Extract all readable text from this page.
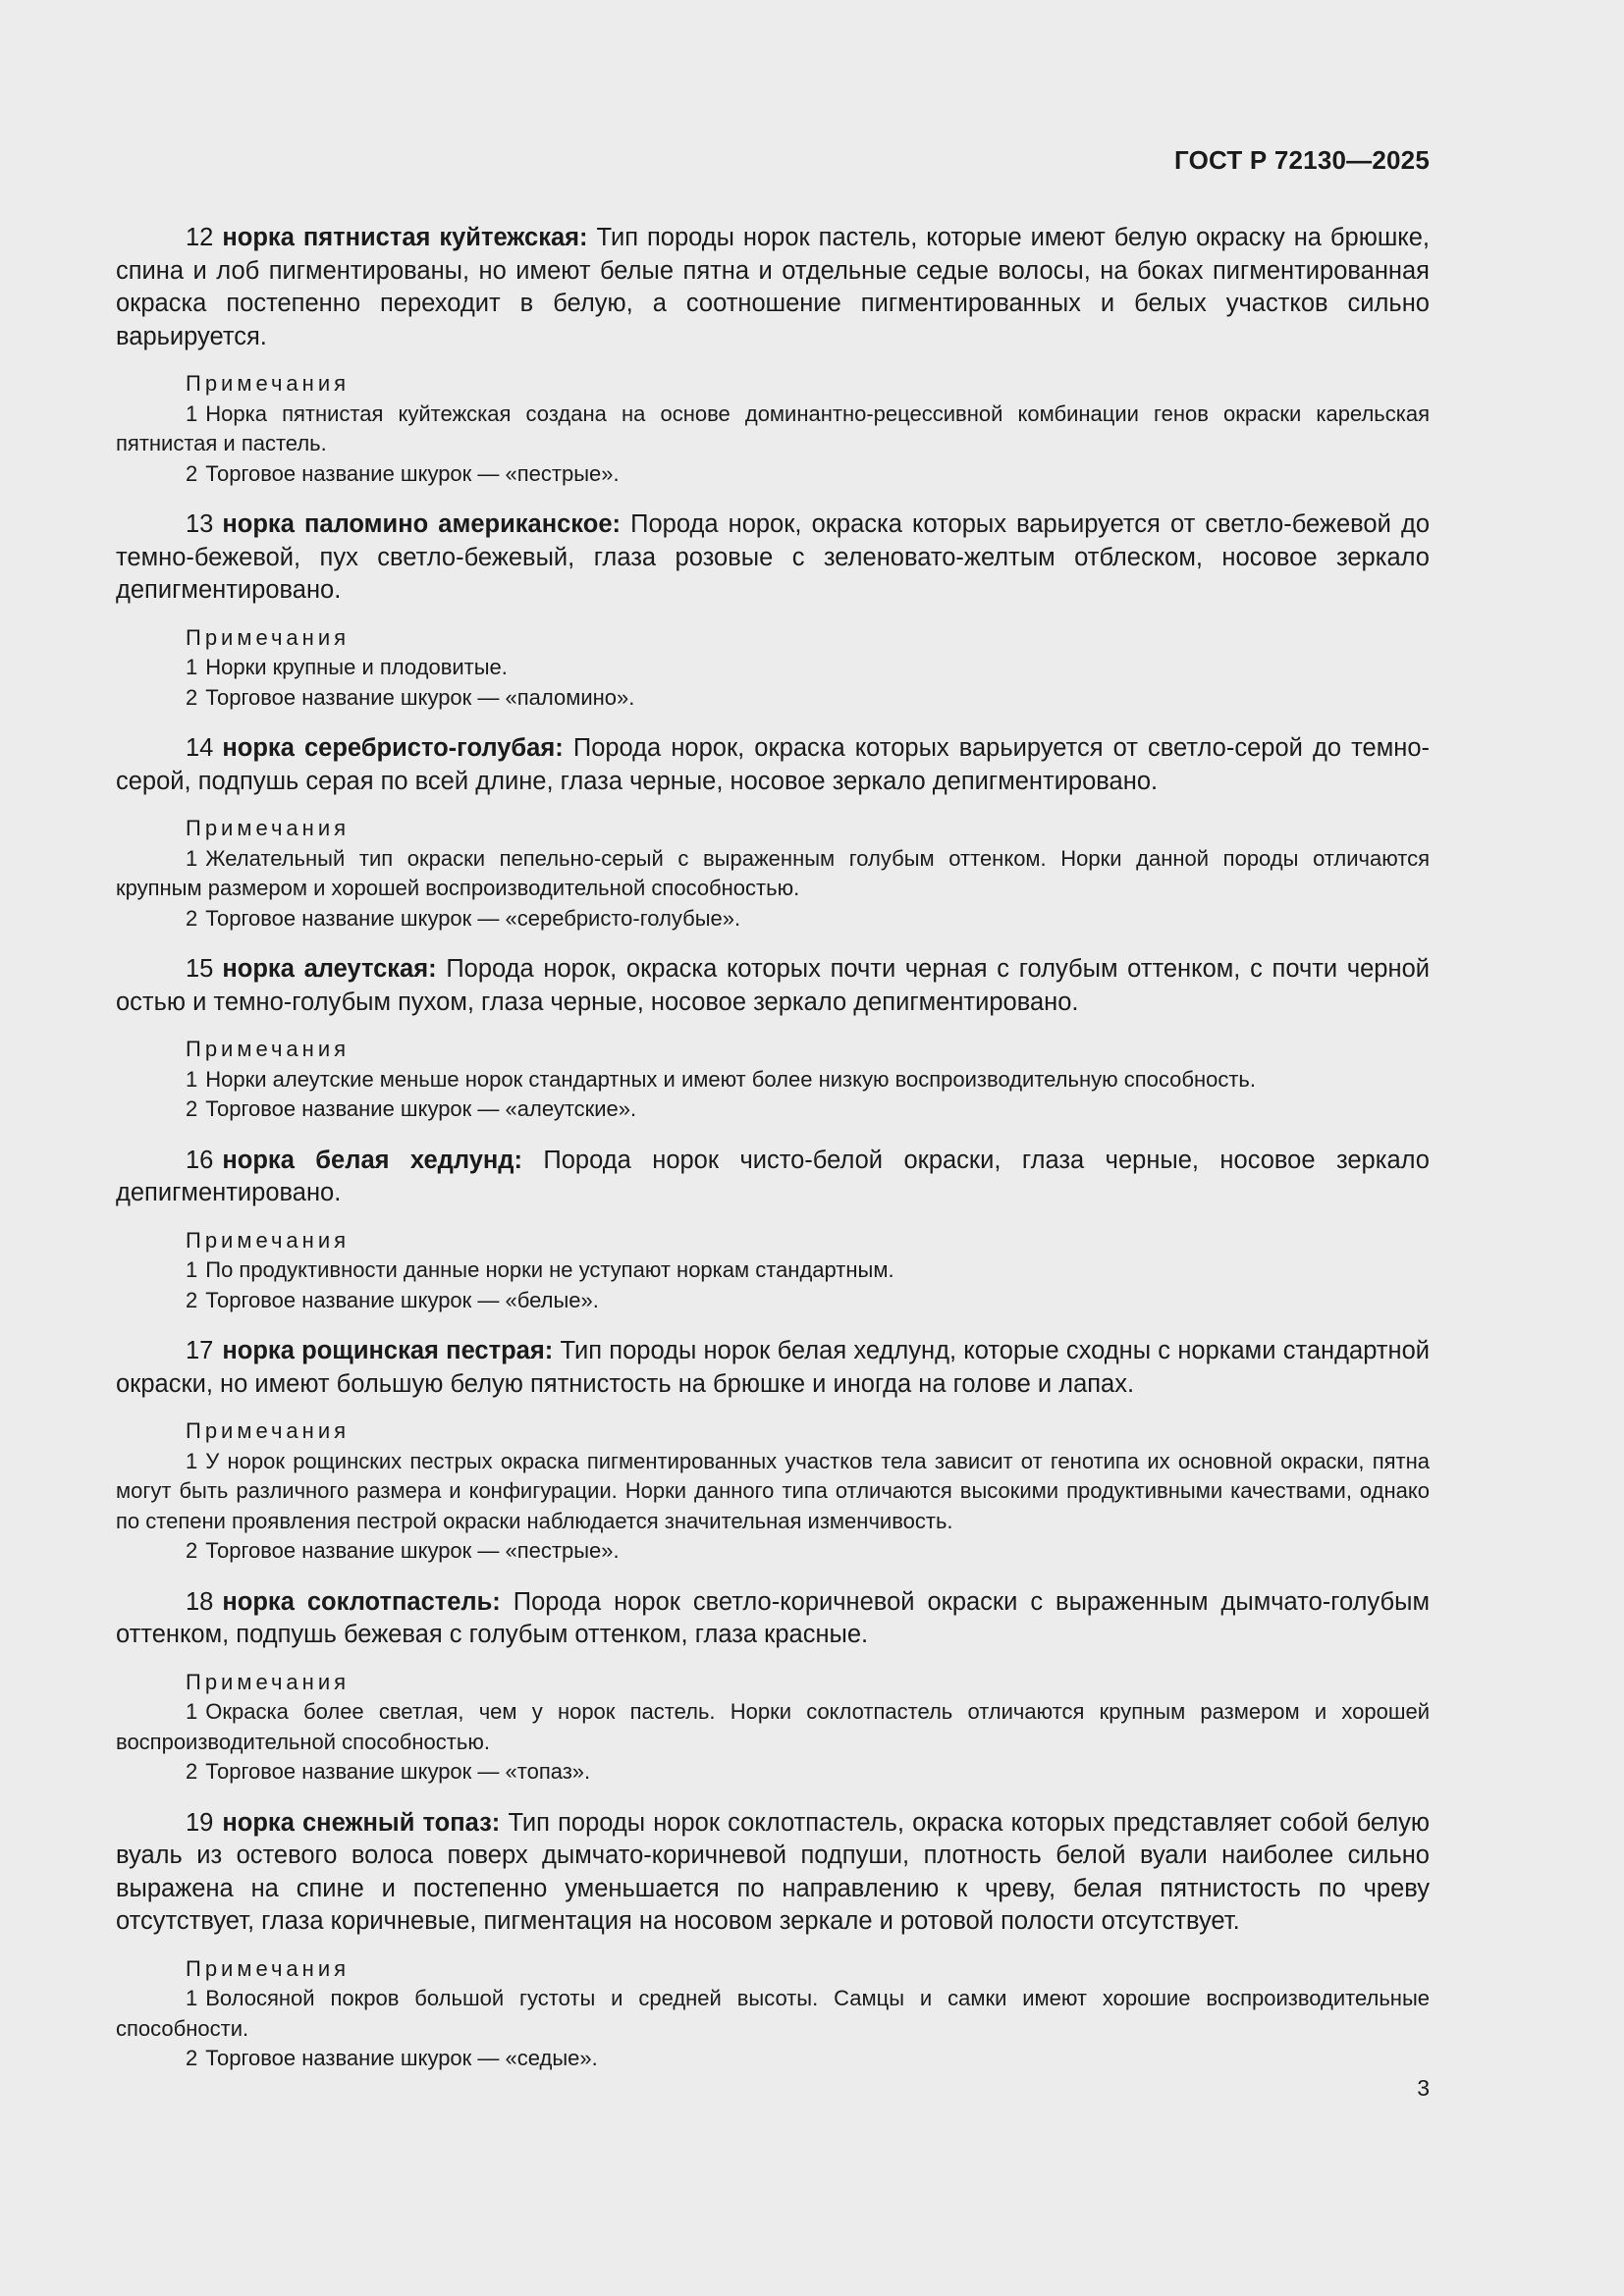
ГОСТ Р 72130—2025

12 норка пятнистая куйтежская: Тип породы норок пастель, которые имеют белую окраску на брюшке, спина и лоб пигментированы, но имеют белые пятна и отдельные седые волосы, на боках пигментированная окраска постепенно переходит в белую, а соотношение пигментированных и белых участков сильно варьируется.

Примечания

1 Норка пятнистая куйтежская создана на основе доминантно-рецессивной комбинации генов окраски карельская пятнистая и пастель.

2 Торговое название шкурок — «пестрые».

13 норка паломино американское: Порода норок, окраска которых варьируется от светло-бежевой до темно-бежевой, пух светло-бежевый, глаза розовые с зеленовато-желтым отблеском, носовое зеркало депигментировано.

Примечания

1 Норки крупные и плодовитые.

2 Торговое название шкурок — «паломино».

14 норка серебристо-голубая: Порода норок, окраска которых варьируется от светло-серой до темно-серой, подпушь серая по всей длине, глаза черные, носовое зеркало депигментировано.

Примечания

1 Желательный тип окраски пепельно-серый с выраженным голубым оттенком. Норки данной породы отличаются крупным размером и хорошей воспроизводительной способностью.

2 Торговое название шкурок — «серебристо-голубые».

15 норка алеутская: Порода норок, окраска которых почти черная с голубым оттенком, с почти черной остью и темно-голубым пухом, глаза черные, носовое зеркало депигментировано.

Примечания

1 Норки алеутские меньше норок стандартных и имеют более низкую воспроизводительную способность.

2 Торговое название шкурок — «алеутские».

16 норка белая хедлунд: Порода норок чисто-белой окраски, глаза черные, носовое зеркало депигментировано.

Примечания

1 По продуктивности данные норки не уступают норкам стандартным.

2 Торговое название шкурок — «белые».

17 норка рощинская пестрая: Тип породы норок белая хедлунд, которые сходны с норками стандартной окраски, но имеют большую белую пятнистость на брюшке и иногда на голове и лапах.

Примечания

1 У норок рощинских пестрых окраска пигментированных участков тела зависит от генотипа их основной окраски, пятна могут быть различного размера и конфигурации. Норки данного типа отличаются высокими продуктивными качествами, однако по степени проявления пестрой окраски наблюдается значительная изменчивость.

2 Торговое название шкурок — «пестрые».

18 норка соклотпастель: Порода норок светло-коричневой окраски с выраженным дымчато-голубым оттенком, подпушь бежевая с голубым оттенком, глаза красные.

Примечания

1 Окраска более светлая, чем у норок пастель. Норки соклотпастель отличаются крупным размером и хорошей воспроизводительной способностью.

2 Торговое название шкурок — «топаз».

19 норка снежный топаз: Тип породы норок соклотпастель, окраска которых представляет собой белую вуаль из остевого волоса поверх дымчато-коричневой подпуши, плотность белой вуали наиболее сильно выражена на спине и постепенно уменьшается по направлению к чреву, белая пятнистость по чреву отсутствует, глаза коричневые, пигментация на носовом зеркале и ротовой полости отсутствует.

Примечания

1 Волосяной покров большой густоты и средней высоты. Самцы и самки имеют хорошие воспроизводительные способности.

2 Торговое название шкурок — «седые».

3
